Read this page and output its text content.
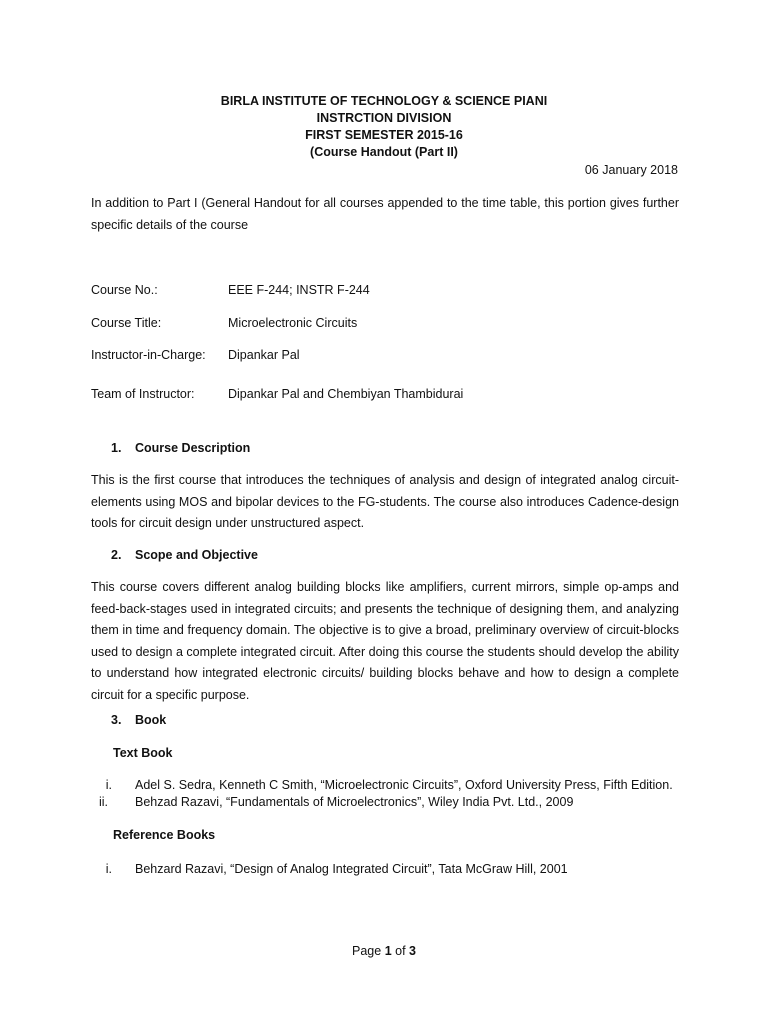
BIRLA INSTITUTE OF TECHNOLOGY & SCIENCE PIANI
INSTRCTION DIVISION
FIRST SEMESTER 2015-16
(Course Handout (Part II)
06 January 2018
In addition to Part I (General Handout for all courses appended to the time table, this portion gives further specific details of the course
Course No.:	EEE F-244; INSTR F-244
Course Title:	Microelectronic Circuits
Instructor-in-Charge: Dipankar Pal
Team of Instructor:	Dipankar Pal and Chembiyan Thambidurai
1. Course Description
This is the first course that introduces the techniques of analysis and design of integrated analog circuit-elements using MOS and bipolar devices to the FG-students. The course also introduces Cadence-design tools for circuit design under unstructured aspect.
2. Scope and Objective
This course covers different analog building blocks like amplifiers, current mirrors, simple op-amps and feed-back-stages used in integrated circuits; and presents the technique of designing them, and analyzing them in time and frequency domain. The objective is to give a broad, preliminary overview of circuit-blocks used to design a complete integrated circuit. After doing this course the students should develop the ability to understand how integrated electronic circuits/ building blocks behave and how to design a complete circuit for a specific purpose.
3. Book
Text Book
i. Adel S. Sedra, Kenneth C Smith, “Microelectronic Circuits”, Oxford University Press, Fifth Edition.
ii. Behzad Razavi, “Fundamentals of Microelectronics”, Wiley India Pvt. Ltd., 2009
Reference Books
i. Behzard Razavi, “Design of Analog Integrated Circuit”, Tata McGraw Hill, 2001
Page 1 of 3
